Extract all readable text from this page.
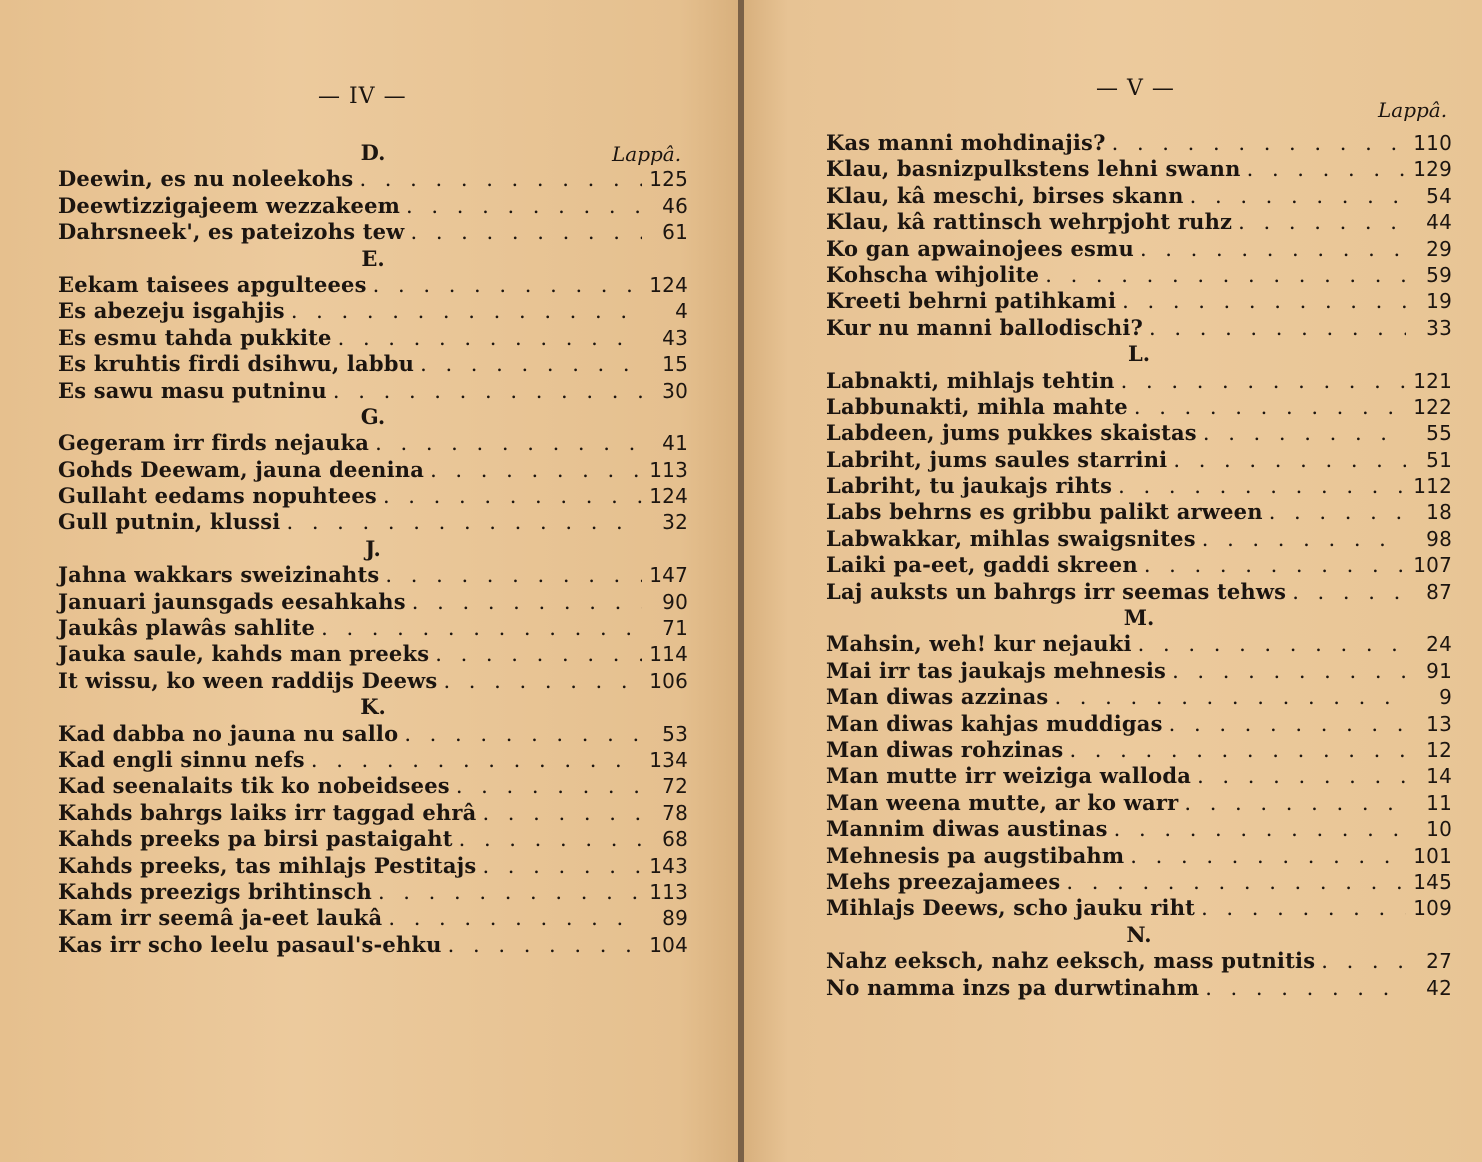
— IV —
Lappâ.
D.
Deewin, es nu noleekohs . . .	125
Deewtizzigajeem wezzakeem . . .	46
Dahrsneek', es pateizohs tew . . .	61
E.
Eekam taisees apgulteees . . .	124
Es abezeju isgahjis . . .	4
Es esmu tahda pukkite . . .	43
Es kruhtis firdi dsihwu, labbu . . .	15
Es sawu masu putninu . . .	30
G.
Gegeram irr firds nejauka . . .	41
Gohds Deewam, jauna deenina . . .	113
Gullaht eedams nopuhtees . . .	124
Gull putnin, klussi . . .	32
J.
Jahna wakkars sweizinahts . . .	147
Januari jaunsgads eesahkahs . . .	90
Jaukâs plawâs sahlite . . .	71
Jauka saule, kahds man preeks . . .	114
It wissu, ko ween raddijs Deews . . .	106
K.
Kad dabba no jauna nu sallo . . .	53
Kad engli sinnu nefs . . .	134
Kad seenalaits tik ko nobeidsees . . .	72
Kahds bahrgs laiks irr taggad ehrâ . . .	78
Kahds preeks pa birsi pastaigaht . . .	68
Kahds preeks, tas mihlajs Pestitajs . . .	143
Kahds preezigs brihtinsch . . .	113
Kam irr seemâ ja-eet laukâ . . .	89
Kas irr scho leelu pasaul's-ehku . . .	104
— V —
Lappâ.
Kas manni mohdinajis? . . .	110
Klau, basnizpulkstens lehni swann . . .	129
Klau, kâ meschi, birses skann . . .	54
Klau, kâ rattinsch wehrpjoht ruhz . . .	44
Ko gan apwainojees esmu . . .	29
Kohscha wihjolite . . .	59
Kreeti behrni patihkami . . .	19
Kur nu manni ballodischi? . . .	33
L.
Labnakti, mihlajs tehtin . . .	121
Labbunakti, mihla mahte . . .	122
Labdeen, jums pukkes skaistas . . .	55
Labriht, jums saules starrini . . .	51
Labriht, tu jaukajs rihts . . .	112
Labs behrns es gribbu palikt arween . . .	18
Labwakkar, mihlas swaigsnites . . .	98
Laiki pa-eet, gaddi skreen . . .	107
Laj auksts un bahrgs irr seemas tehws . . .	87
M.
Mahsin, weh! kur nejauki . . .	24
Mai irr tas jaukajs mehnesis . . .	91
Man diwas azzinas . . .	9
Man diwas kahjas muddigas . . .	13
Man diwas rohzinas . . .	12
Man mutte irr weiziga walloda . . .	14
Man weena mutte, ar ko warr . . .	11
Mannim diwas austinas . . .	10
Mehnesis pa augstibahm . . .	101
Mehs preezajamees . . .	145
Mihlajs Deews, scho jauku riht . . .	109
N.
Nahz eeksch, nahz eeksch, mass putnitis . . .	27
No namma inzs pa durwtinahm . . .	42
